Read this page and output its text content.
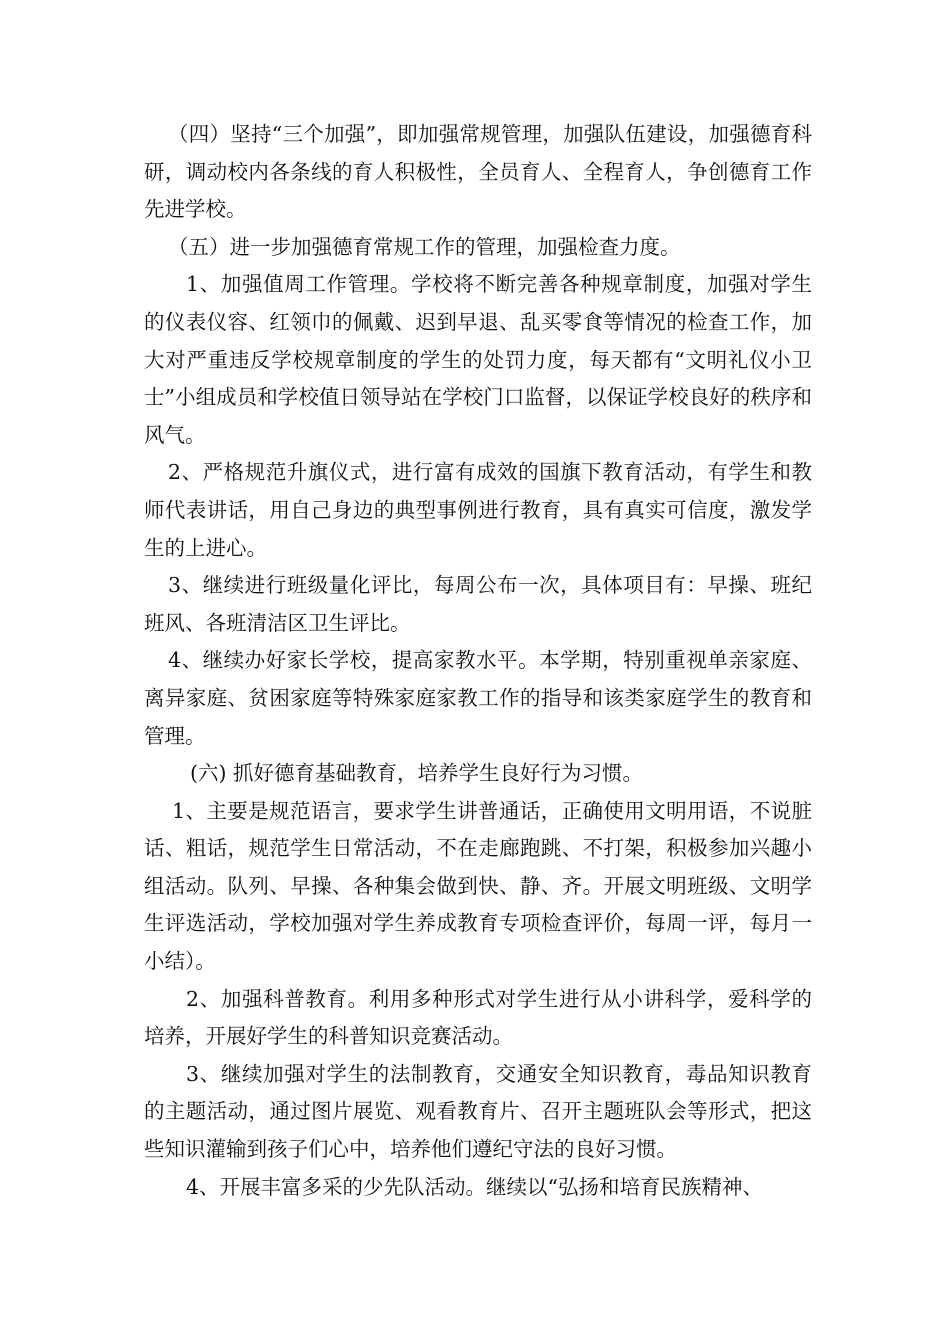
（四）坚持“三个加强”，即加强常规管理，加强队伍建设，加强德育科研，调动校内各条线的育人积极性，全员育人、全程育人，争创德育工作先进学校。

（五）进一步加强德育常规工作的管理，加强检查力度。

1、加强值周工作管理。学校将不断完善各种规章制度，加强对学生的仪表仪容、红领巾的佩戴、迟到早退、乱买零食等情况的检查工作，加大对严重违反学校规章制度的学生的处罚力度，每天都有“文明礼仪小卫士”小组成员和学校值日领导站在学校门口监督，以保证学校良好的秩序和风气。

2、严格规范升旗仪式，进行富有成效的国旗下教育活动，有学生和教师代表讲话，用自己身边的典型事例进行教育，具有真实可信度，激发学生的上进心。

3、继续进行班级量化评比，每周公布一次，具体项目有：早操、班纪班风、各班清洁区卫生评比。

4、继续办好家长学校，提高家教水平。本学期，特别重视单亲家庭、离异家庭、贫困家庭等特殊家庭家教工作的指导和该类家庭学生的教育和管理。

(六) 抓好德育基础教育，培养学生良好行为习惯。

1、主要是规范语言，要求学生讲普通话，正确使用文明用语，不说脏话、粗话，规范学生日常活动，不在走廊跑跳、不打架，积极参加兴趣小组活动。队列、早操、各种集会做到快、静、齐。开展文明班级、文明学生评选活动，学校加强对学生养成教育专项检查评价，每周一评，每月一小结）。

2、加强科普教育。利用多种形式对学生进行从小讲科学，爱科学的培养，开展好学生的科普知识竞赛活动。

3、继续加强对学生的法制教育，交通安全知识教育，毒品知识教育的主题活动，通过图片展览、观看教育片、召开主题班队会等形式，把这些知识灌输到孩子们心中，培养他们遵纪守法的良好习惯。

4、开展丰富多采的少先队活动。继续以“弘扬和培育民族精神、
